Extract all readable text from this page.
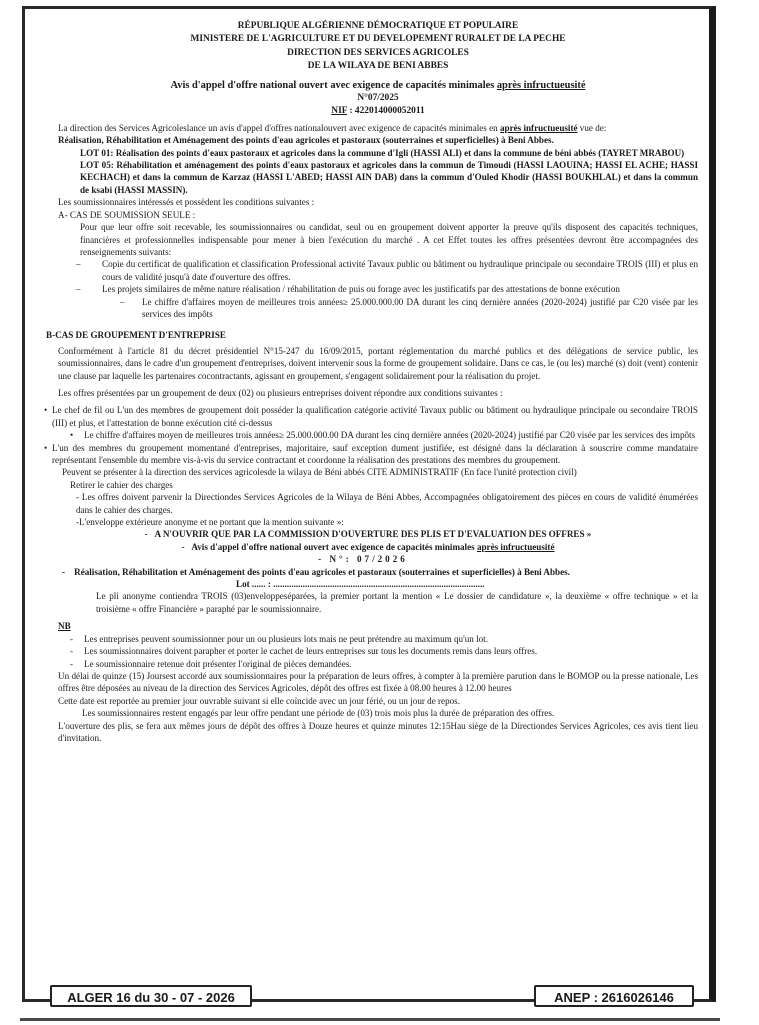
RÉPUBLIQUE ALGÉRIENNE DÉMOCRATIQUE ET POPULAIRE
MINISTERE DE L'AGRICULTURE ET DU DEVELOPEMENT RURALET DE LA PECHE
DIRECTION DES SERVICES AGRICOLES
DE LA WILAYA DE BENI ABBES
Avis d'appel d'offre national ouvert avec exigence de capacités minimales après infructueusité
N°07/2025
NIF : 422014000052011

La direction des Services Agricoleslance un avis d'appel d'offres nationalouvert avec exigence de capacités minimales en après infructueusité vue de:

Réalisation, Réhabilitation et Aménagement des points d'eau agricoles et pastoraux (souterraines et superficielles) à Beni Abbes.

LOT 01: Réalisation des points d'eaux pastoraux et agricoles dans la commune d'Igli (HASSI ALI) et dans la commune de béni abbés (TAYRET MRABOU)

LOT 05: Réhabilitation et aménagement des points d'eaux pastoraux et agricoles dans la commun de Timoudi (HASSI LAOUINA; HASSI EL ACHE; HASSI KECHACH) et dans la commun de Karzaz (HASSI L'ABED; HASSI AIN DAB) dans la commun d'Ouled Khodir (HASSI BOUKHLAL) et dans la commun de ksabi (HASSI MASSIN).

Les soumissionnaires intéressés et possèdent les conditions suivantes :

A- CAS DE SOUMISSION SEULE :

Pour que leur offre soit recevable, les soumissionnaires ou candidat, seul ou en groupement doivent apporter la preuve qu'ils disposent des capacités techniques, financières et professionnelles indispensable pour mener à bien l'exécution du marché . A cet Effet toutes les offres présentées devront être accompagnées des renseignements suivants:

– Copie du certificat de qualification et classification Professional activité Tavaux public ou bâtiment ou hydraulique principale ou secondaire TROIS (III) et plus en cours de validité jusqu'à date d'ouverture des offres.
– Les projets similaires de même nature réalisation / réhabilitation de puis ou forage avec les justificatifs par des attestations de bonne exécution
– Le chiffre d'affaires moyen de meilleures trois années≥ 25.000.000.00 DA durant les cinq dernière années (2020-2024) justifié par C20 visée par les services des impôts

B-CAS DE GROUPEMENT D'ENTREPRISE

Conformément à l'article 81 du décret présidentiel N°15-247 du 16/09/2015, portant réglementation du marché publics et des délégations de service public, les soumissionnaires, dans le cadre d'un groupement d'entreprises, doivent intervenir sous la forme de groupement solidaire. Dans ce cas, le (ou les) marché (s) doit (vent) contenir une clause par laquelle les partenaires cocontractants, agissant en groupement, s'engagent solidairement pour la réalisation du projet.

Les offres présentées par un groupement de deux (02) ou plusieurs entreprises doivent répondre aux conditions suivantes :

• Le chef de fil ou L'un des membres de groupement doit posséder la qualification catégorie activité Tavaux public ou bâtiment ou hydraulique principale ou secondaire TROIS (III) et plus, et l'attestation de bonne exécution cité ci-dessus
• Le chiffre d'affaires moyen de meilleures trois années≥ 25.000.000.00 DA durant les cinq dernière années (2020-2024) justifié par C20 visée par les services des impôts
• L'un des membres du groupement momentané d'entreprises, majoritaire, sauf exception dument justifiée, est désigné dans la déclaration à souscrire comme mandataire représentant l'ensemble du membre vis-à-vis du service contractant et coordonne la réalisation des prestations des membres du groupement.

Peuvent se présenter à la direction des services agricolesde la wilaya de Béni abbés CITE ADMINISTRATIF (En face l'unité protection civil)

Retirer le cahier des charges

- Les offres doivent parvenir la Directiondes Services Agricoles de la Wilaya de Béni Abbes, Accompagnées obligatoirement des pièces en cours de validité énumérées dans le cahier des charges.

-L'enveloppe extérieure anonyme et ne portant que la mention suivante »:

-   A N'OUVRIR QUE PAR LA COMMISSION D'OUVERTURE DES PLIS ET D'EVALUATION DES OFFRES »

-   Avis d'appel d'offre national ouvert avec exigence de capacités minimales après infructueusité

- N°: 07/2026

-    Réalisation, Réhabilitation et Aménagement des points d'eau agricoles et pastoraux (souterraines et superficielles) à Beni Abbes.

Lot ...... : .............................................................................................

Le pli anonyme contiendra TROIS (03)enveloppeséparées, la premier portant la mention « Le dossier de candidature », la deuxième « offre technique » et la troisième « offre Financière » paraphé par le soumissionnaire.

NB

- Les entreprises peuvent soumissionner pour un ou plusieurs lots mais ne peut prétendre au maximum qu'un lot.
- Les soumissionnaires doivent parapher et porter le cachet de leurs entreprises sur tous les documents remis dans leurs offres.
- Le soumissionnaire retenue doit présenter l'original de pièces demandées.

Un délai de quinze (15) Joursest accordé aux soumissionnaires pour la préparation de leurs offres, à compter à la première parution dans le BOMOP ou la presse nationale, Les offres être déposées au niveau de la direction des Services Agricoles, dépôt des offres est fixée à 08.00 heures à 12.00 heures

Cette date est reportée au premier jour ouvrable suivant si elle coïncide avec un jour férié, ou un jour de repos.

Les soumissionnaires restent engagés par leur offre pendant une période de (03) trois mois plus la durée de préparation des offres.

L'ouverture des plis, se fera aux mêmes jours de dépôt des offres à Douze heures et quinze minutes 12:15Hau siège de la Directiondes Services Agricoles, ces avis tient lieu d'invitation.

ALGER 16 du 30 - 07 - 2026	ANEP : 2616026146
